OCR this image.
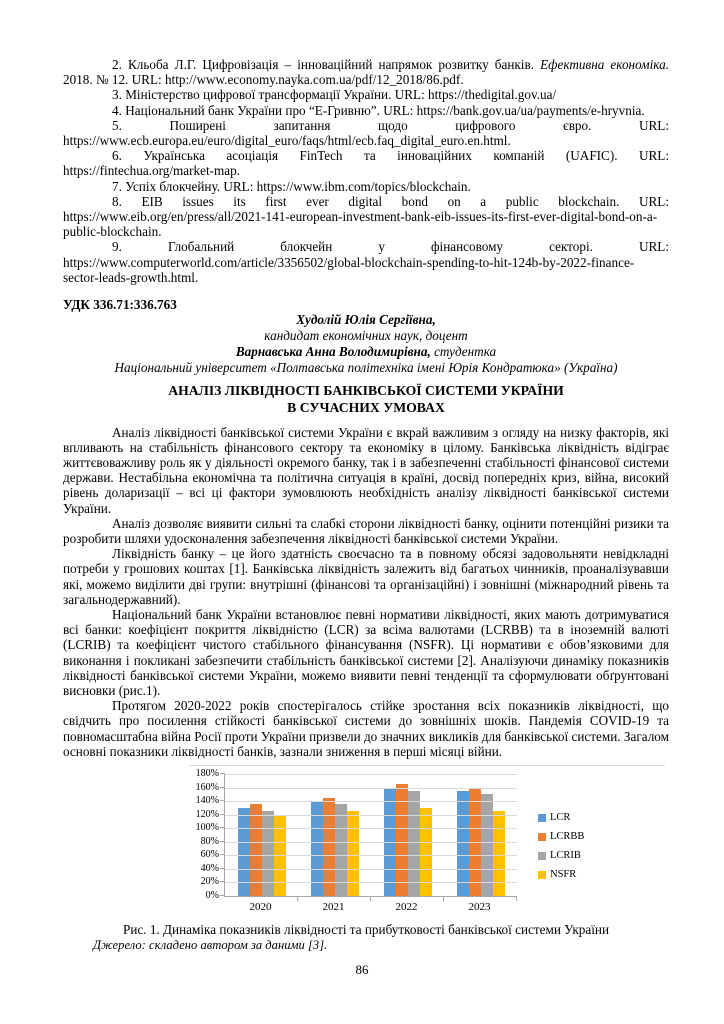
2. Кльоба Л.Г. Цифровізація – інноваційний напрямок розвитку банків. Ефективна економіка. 2018. № 12. URL: http://www.economy.nayka.com.ua/pdf/12_2018/86.pdf.

3. Міністерство цифрової трансформації України. URL: https://thedigital.gov.ua/

4. Національний банк України про “Е-Гривню”. URL: https://bank.gov.ua/ua/payments/e-hryvnia.

5. Поширені запитання щодо цифрового євро. URL: https://www.ecb.europa.eu/euro/digital_euro/faqs/html/ecb.faq_digital_euro.en.html.

6. Українська асоціація FinTech та інноваційних компаній (UAFIC). URL: https://fintechua.org/market-map.

7. Успіх блокчейну. URL: https://www.ibm.com/topics/blockchain.

8. EIB issues its first ever digital bond on a public blockchain. URL: https://www.eib.org/en/press/all/2021-141-european-investment-bank-eib-issues-its-first-ever-digital-bond-on-a-public-blockchain.

9. Глобальний блокчейн у фінансовому секторі. URL: https://www.computerworld.com/article/3356502/global-blockchain-spending-to-hit-124b-by-2022-finance-sector-leads-growth.html.

УДК 336.71:336.763

Худолій Юлія Сергіївна,

кандидат економічних наук, доцент

Варнавська Анна Володимирівна, студентка

Національний університет «Полтавська політехніка імені Юрія Кондратюка» (Україна)

АНАЛІЗ ЛІКВІДНОСТІ БАНКІВСЬКОЇ СИСТЕМИ УКРАЇНИ
В СУЧАСНИХ УМОВАХ

Аналіз ліквідності банківської системи України є вкрай важливим з огляду на низку факторів, які впливають на стабільність фінансового сектору та економіку в цілому. Банківська ліквідність відіграє життєвоважливу роль як у діяльності окремого банку, так і в забезпеченні стабільності фінансової системи держави. Нестабільна економічна та політична ситуація в країні, досвід попередніх криз, війна, високий рівень доларизації – всі ці фактори зумовлюють необхідність аналізу ліквідності банківської системи України.

Аналіз дозволяє виявити сильні та слабкі сторони ліквідності банку, оцінити потенційні ризики та розробити шляхи удосконалення забезпечення ліквідності банківської системи України.

Ліквідність банку – це його здатність своєчасно та в повному обсязі задовольняти невідкладні потреби у грошових коштах [1]. Банківська ліквідність залежить від багатьох чинників, проаналізувавши які, можемо виділити дві групи: внутрішні (фінансові та організаційні) і зовнішні (міжнародний рівень та загальнодержавний).

Національний банк України встановлює певні нормативи ліквідності, яких мають дотримуватися всі банки: коефіцієнт покриття ліквідністю (LCR) за всіма валютами (LCRBB) та в іноземній валюті (LCRIB) та коефіцієнт чистого стабільного фінансування (NSFR). Ці нормативи є обов’язковими для виконання і покликані забезпечити стабільність банківської системи [2]. Аналізуючи динаміку показників ліквідності банківської системи України, можемо виявити певні тенденції та сформулювати обґрунтовані висновки (рис.1).

Протягом 2020-2022 років спостерігалось стійке зростання всіх показників ліквідності, що свідчить про посилення стійкості банківської системи до зовнішніх шоків. Пандемія COVID-19 та повномасштабна війна Росії проти України призвели до значних викликів для банківської системи. Загалом основні показники ліквідності банків, зазнали зниження в перші місяці війни.

0%
20%
40%
60%
80%
100%
120%
140%
160%
180%
2020	2021	2022	2023
LCR
LCRBB
LCRIB
NSFR

Рис. 1. Динаміка показників ліквідності та прибутковості банківської системи України

Джерело: складено автором за даними [3].

86
